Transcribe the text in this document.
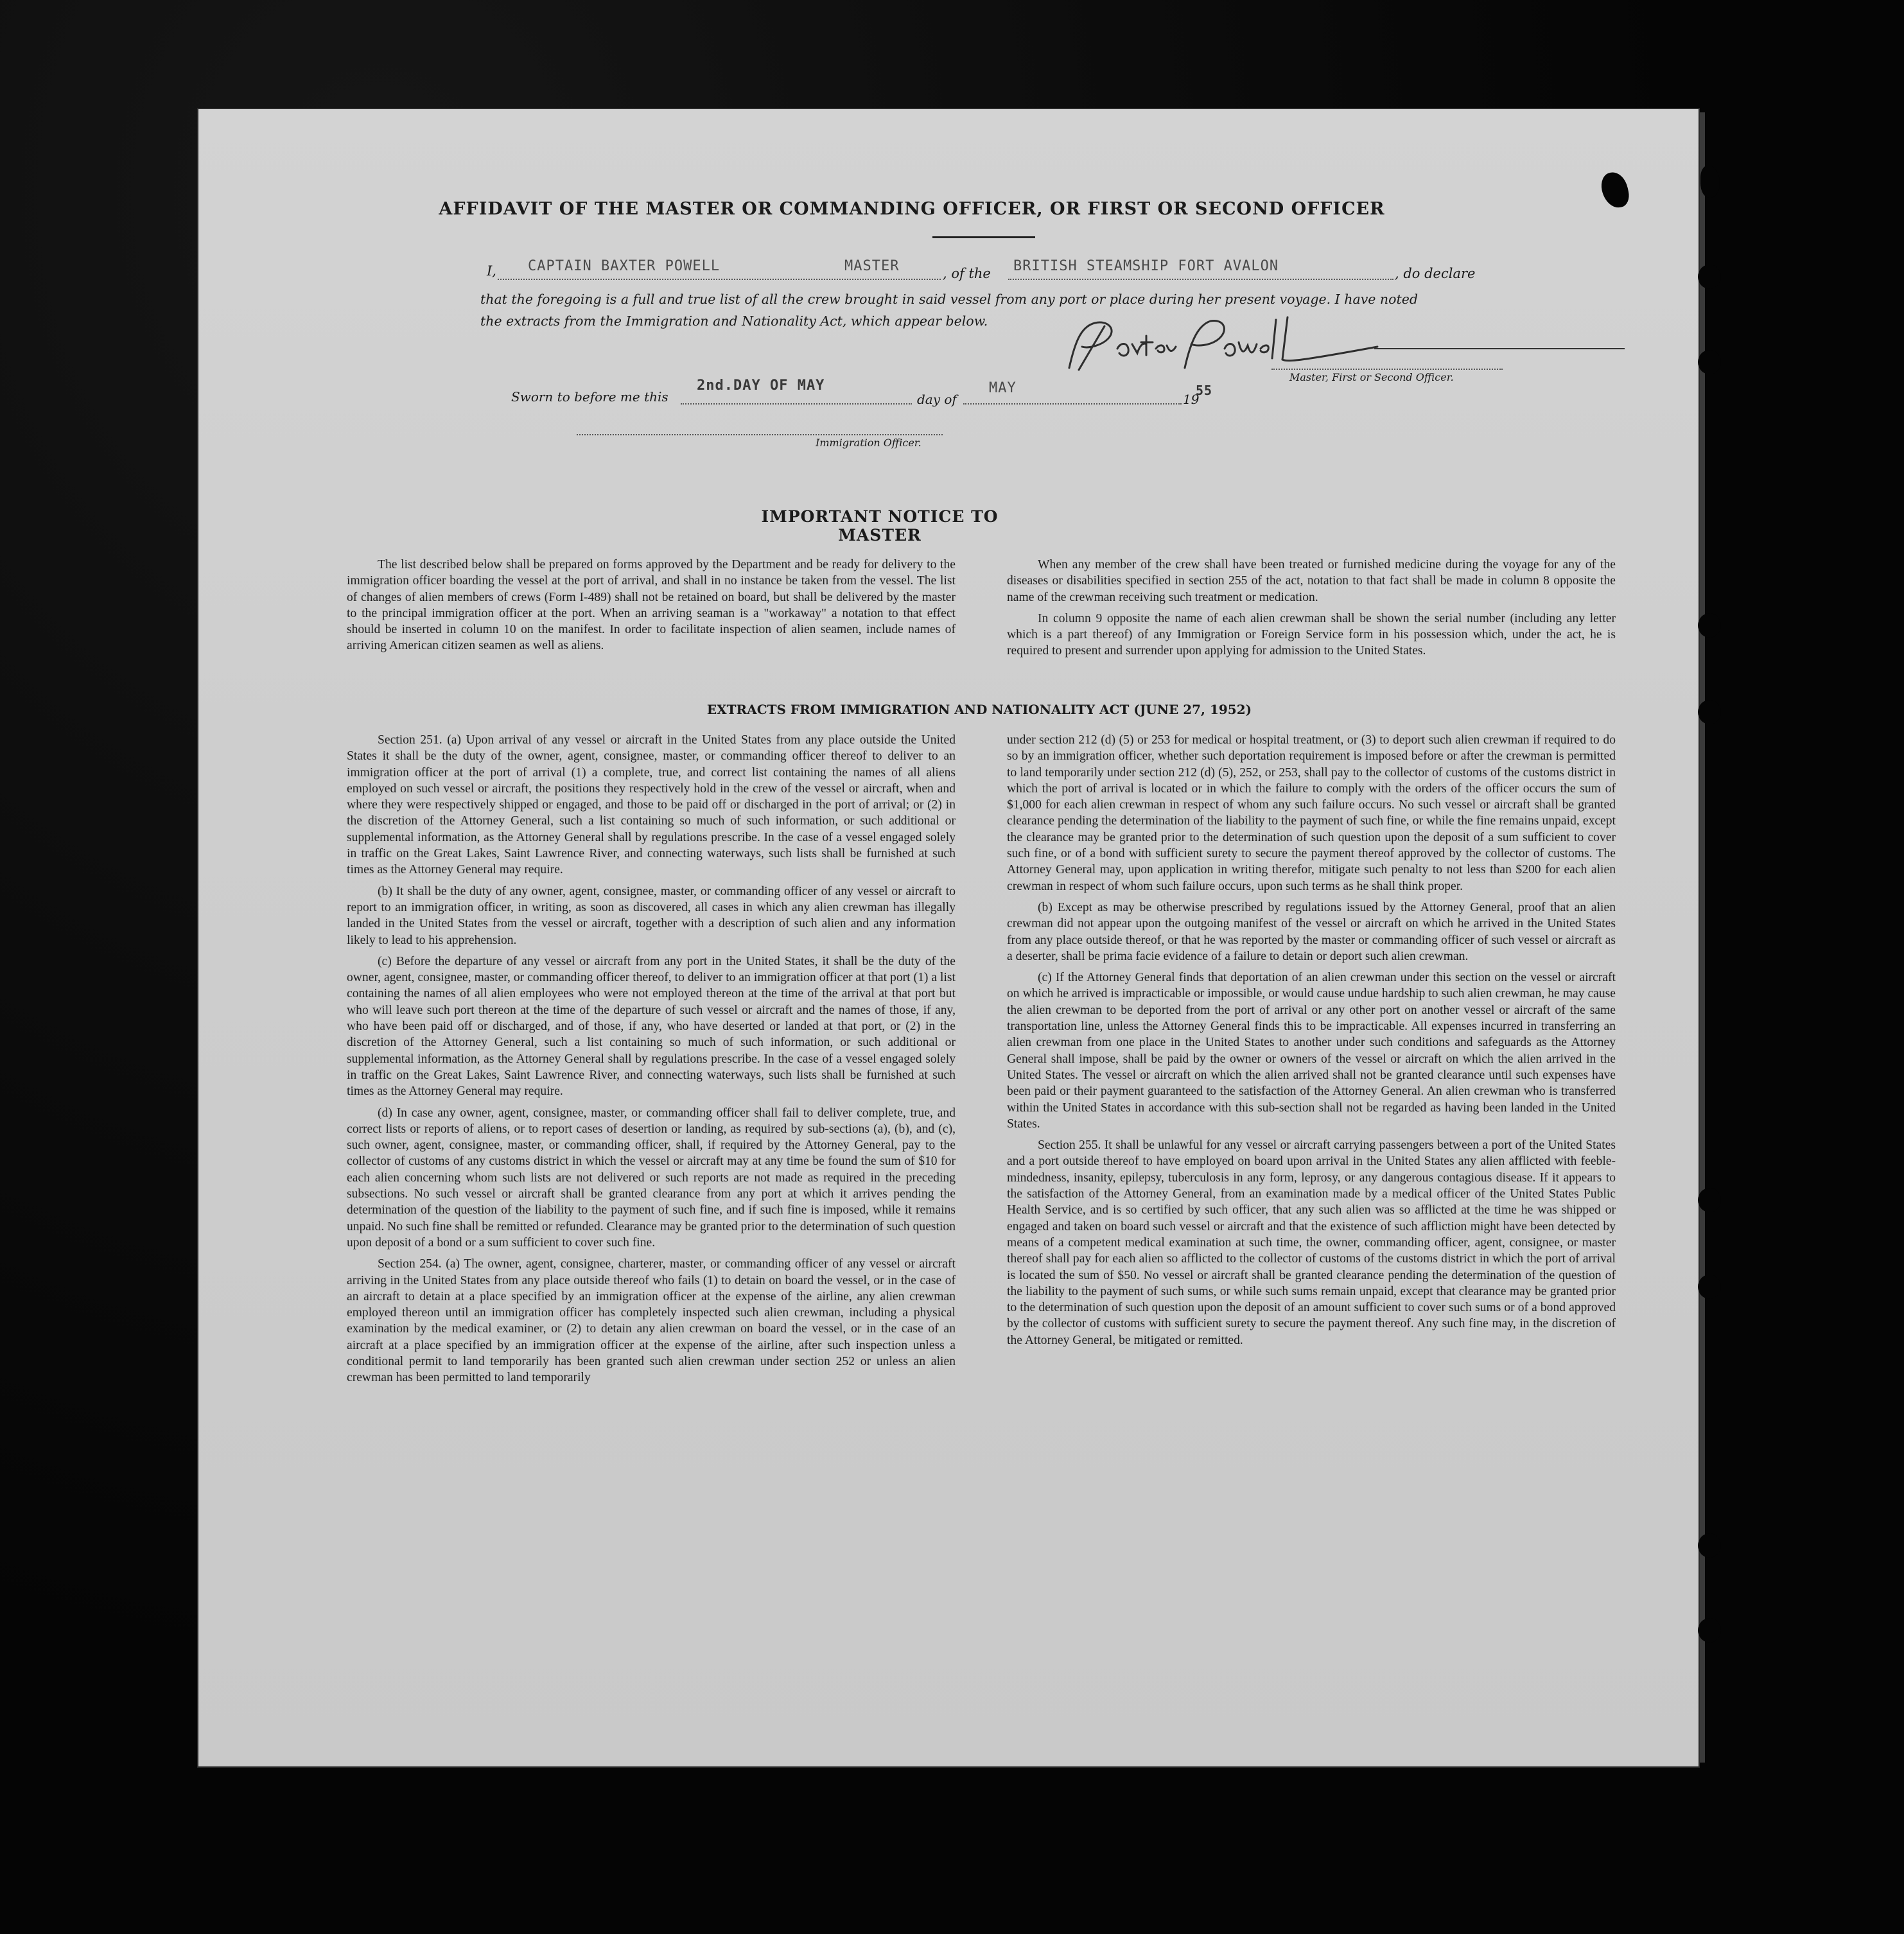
AFFIDAVIT OF THE MASTER OR COMMANDING OFFICER, OR FIRST OR SECOND OFFICER
I, CAPTAIN BAXTER POWELL	MASTER	, of the BRITISH STEAMSHIP FORT AVALON	, do declare
that the foregoing is a full and true list of all the crew brought in said vessel from any port or place during her present voyage. I have noted
the extracts from the Immigration and Nationality Act, which appear below.
Master, First or Second Officer.
Sworn to before me this
2nd.DAY OF MAY
day of
MAY
19
55
Immigration Officer.
IMPORTANT NOTICE TO MASTER

The list described below shall be prepared on forms approved by the Department and be ready for delivery to the immigration officer boarding the vessel at the port of arrival, and shall in no instance be taken from the vessel. The list of changes of alien members of crews (Form I-489) shall not be retained on board, but shall be delivered by the master to the principal immigration officer at the port. When an arriving seaman is a "workaway" a notation to that effect should be inserted in column 10 on the manifest. In order to facilitate inspection of alien seamen, include names of arriving American citizen seamen as well as aliens.

When any member of the crew shall have been treated or furnished medicine during the voyage for any of the diseases or disabilities specified in section 255 of the act, notation to that fact shall be made in column 8 opposite the name of the crewman receiving such treatment or medication.

In column 9 opposite the name of each alien crewman shall be shown the serial number (including any letter which is a part thereof) of any Immigration or Foreign Service form in his possession which, under the act, he is required to present and surrender upon applying for admission to the United States.

EXTRACTS FROM IMMIGRATION AND NATIONALITY ACT (JUNE 27, 1952)

Section 251. (a) Upon arrival of any vessel or aircraft in the United States from any place outside the United States it shall be the duty of the owner, agent, consignee, master, or commanding officer thereof to deliver to an immigration officer at the port of arrival (1) a complete, true, and correct list containing the names of all aliens employed on such vessel or aircraft, the positions they respectively hold in the crew of the vessel or aircraft, when and where they were respectively shipped or engaged, and those to be paid off or discharged in the port of arrival; or (2) in the discretion of the Attorney General, such a list containing so much of such information, or such additional or supplemental information, as the Attorney General shall by regulations prescribe. In the case of a vessel engaged solely in traffic on the Great Lakes, Saint Lawrence River, and connecting waterways, such lists shall be furnished at such times as the Attorney General may require.

(b) It shall be the duty of any owner, agent, consignee, master, or commanding officer of any vessel or aircraft to report to an immigration officer, in writing, as soon as discovered, all cases in which any alien crewman has illegally landed in the United States from the vessel or aircraft, together with a description of such alien and any information likely to lead to his apprehension.

(c) Before the departure of any vessel or aircraft from any port in the United States, it shall be the duty of the owner, agent, consignee, master, or commanding officer thereof, to deliver to an immigration officer at that port (1) a list containing the names of all alien employees who were not employed thereon at the time of the arrival at that port but who will leave such port thereon at the time of the departure of such vessel or aircraft and the names of those, if any, who have been paid off or discharged, and of those, if any, who have deserted or landed at that port, or (2) in the discretion of the Attorney General, such a list containing so much of such information, or such additional or supplemental information, as the Attorney General shall by regulations prescribe. In the case of a vessel engaged solely in traffic on the Great Lakes, Saint Lawrence River, and connecting waterways, such lists shall be furnished at such times as the Attorney General may require.

(d) In case any owner, agent, consignee, master, or commanding officer shall fail to deliver complete, true, and correct lists or reports of aliens, or to report cases of desertion or landing, as required by sub-sections (a), (b), and (c), such owner, agent, consignee, master, or commanding officer, shall, if required by the Attorney General, pay to the collector of customs of any customs district in which the vessel or aircraft may at any time be found the sum of $10 for each alien concerning whom such lists are not delivered or such reports are not made as required in the preceding subsections. No such vessel or aircraft shall be granted clearance from any port at which it arrives pending the determination of the question of the liability to the payment of such fine, and if such fine is imposed, while it remains unpaid. No such fine shall be remitted or refunded. Clearance may be granted prior to the determination of such question upon deposit of a bond or a sum sufficient to cover such fine.

Section 254. (a) The owner, agent, consignee, charterer, master, or commanding officer of any vessel or aircraft arriving in the United States from any place outside thereof who fails (1) to detain on board the vessel, or in the case of an aircraft to detain at a place specified by an immigration officer at the expense of the airline, any alien crewman employed thereon until an immigration officer has completely inspected such alien crewman, including a physical examination by the medical examiner, or (2) to detain any alien crewman on board the vessel, or in the case of an aircraft at a place specified by an immigration officer at the expense of the airline, after such inspection unless a conditional permit to land temporarily has been granted such alien crewman under section 252 or unless an alien crewman has been permitted to land temporarily

under section 212 (d) (5) or 253 for medical or hospital treatment, or (3) to deport such alien crewman if required to do so by an immigration officer, whether such deportation requirement is imposed before or after the crewman is permitted to land temporarily under section 212 (d) (5), 252, or 253, shall pay to the collector of customs of the customs district in which the port of arrival is located or in which the failure to comply with the orders of the officer occurs the sum of $1,000 for each alien crewman in respect of whom any such failure occurs. No such vessel or aircraft shall be granted clearance pending the determination of the liability to the payment of such fine, or while the fine remains unpaid, except the clearance may be granted prior to the determination of such question upon the deposit of a sum sufficient to cover such fine, or of a bond with sufficient surety to secure the payment thereof approved by the collector of customs. The Attorney General may, upon application in writing therefor, mitigate such penalty to not less than $200 for each alien crewman in respect of whom such failure occurs, upon such terms as he shall think proper.

(b) Except as may be otherwise prescribed by regulations issued by the Attorney General, proof that an alien crewman did not appear upon the outgoing manifest of the vessel or aircraft on which he arrived in the United States from any place outside thereof, or that he was reported by the master or commanding officer of such vessel or aircraft as a deserter, shall be prima facie evidence of a failure to detain or deport such alien crewman.

(c) If the Attorney General finds that deportation of an alien crewman under this section on the vessel or aircraft on which he arrived is impracticable or impossible, or would cause undue hardship to such alien crewman, he may cause the alien crewman to be deported from the port of arrival or any other port on another vessel or aircraft of the same transportation line, unless the Attorney General finds this to be impracticable. All expenses incurred in transferring an alien crewman from one place in the United States to another under such conditions and safeguards as the Attorney General shall impose, shall be paid by the owner or owners of the vessel or aircraft on which the alien arrived in the United States. The vessel or aircraft on which the alien arrived shall not be granted clearance until such expenses have been paid or their payment guaranteed to the satisfaction of the Attorney General. An alien crewman who is transferred within the United States in accordance with this sub-section shall not be regarded as having been landed in the United States.

Section 255. It shall be unlawful for any vessel or aircraft carrying passengers between a port of the United States and a port outside thereof to have employed on board upon arrival in the United States any alien afflicted with feeble-mindedness, insanity, epilepsy, tuberculosis in any form, leprosy, or any dangerous contagious disease. If it appears to the satisfaction of the Attorney General, from an examination made by a medical officer of the United States Public Health Service, and is so certified by such officer, that any such alien was so afflicted at the time he was shipped or engaged and taken on board such vessel or aircraft and that the existence of such affliction might have been detected by means of a competent medical examination at such time, the owner, commanding officer, agent, consignee, or master thereof shall pay for each alien so afflicted to the collector of customs of the customs district in which the port of arrival is located the sum of $50. No vessel or aircraft shall be granted clearance pending the determination of the question of the liability to the payment of such sums, or while such sums remain unpaid, except that clearance may be granted prior to the determination of such question upon the deposit of an amount sufficient to cover such sums or of a bond approved by the collector of customs with sufficient surety to secure the payment thereof. Any such fine may, in the discretion of the Attorney General, be mitigated or remitted.
